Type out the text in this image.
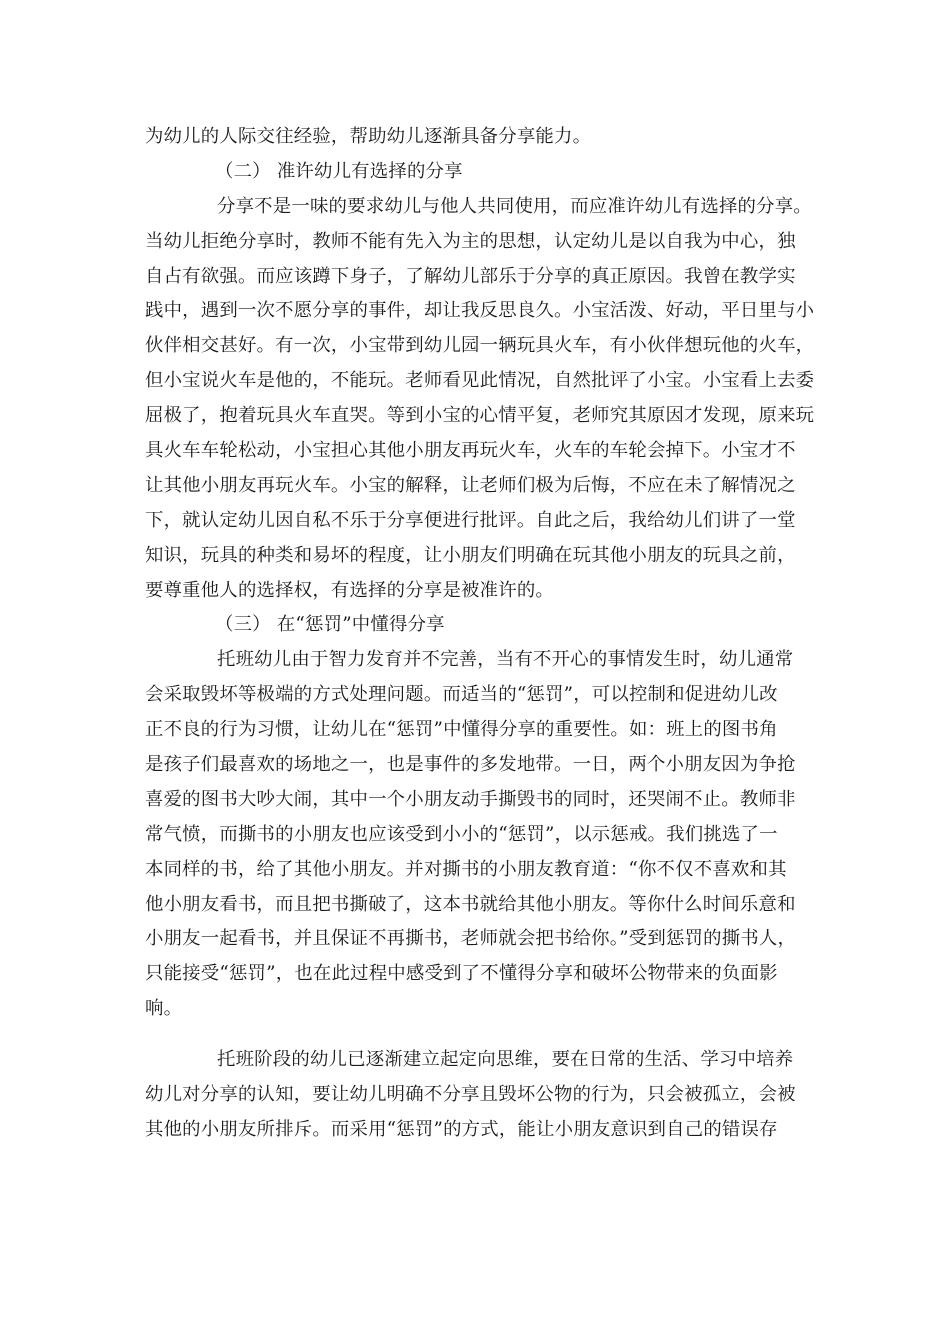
为幼儿的人际交往经验，帮助幼儿逐渐具备分享能力。
（二） 准许幼儿有选择的分享
分享不是一味的要求幼儿与他人共同使用，而应准许幼儿有选择的分享。
当幼儿拒绝分享时，教师不能有先入为主的思想，认定幼儿是以自我为中心，独
自占有欲强。而应该蹲下身子，了解幼儿部乐于分享的真正原因。我曾在教学实
践中，遇到一次不愿分享的事件，却让我反思良久。小宝活泼、好动，平日里与小
伙伴相交甚好。有一次，小宝带到幼儿园一辆玩具火车，有小伙伴想玩他的火车，
但小宝说火车是他的，不能玩。老师看见此情况，自然批评了小宝。小宝看上去委
屈极了，抱着玩具火车直哭。等到小宝的心情平复，老师究其原因才发现，原来玩
具火车车轮松动，小宝担心其他小朋友再玩火车，火车的车轮会掉下。小宝才不
让其他小朋友再玩火车。小宝的解释，让老师们极为后悔，不应在未了解情况之
下，就认定幼儿因自私不乐于分享便进行批评。自此之后，我给幼儿们讲了一堂
知识，玩具的种类和易坏的程度，让小朋友们明确在玩其他小朋友的玩具之前，
要尊重他人的选择权，有选择的分享是被准许的。
（三） 在“惩罚”中懂得分享
托班幼儿由于智力发育并不完善，当有不开心的事情发生时，幼儿通常
会采取毁坏等极端的方式处理问题。而适当的“惩罚”，可以控制和促进幼儿改
正不良的行为习惯，让幼儿在“惩罚”中懂得分享的重要性。如：班上的图书角
是孩子们最喜欢的场地之一，也是事件的多发地带。一日，两个小朋友因为争抢
喜爱的图书大吵大闹，其中一个小朋友动手撕毁书的同时，还哭闹不止。教师非
常气愤，而撕书的小朋友也应该受到小小的“惩罚”，以示惩戒。我们挑选了一
本同样的书，给了其他小朋友。并对撕书的小朋友教育道：“你不仅不喜欢和其
他小朋友看书，而且把书撕破了，这本书就给其他小朋友。等你什么时间乐意和
小朋友一起看书，并且保证不再撕书，老师就会把书给你。”受到惩罚的撕书人，
只能接受“惩罚”，也在此过程中感受到了不懂得分享和破坏公物带来的负面影
响。
托班阶段的幼儿已逐渐建立起定向思维，要在日常的生活、学习中培养
幼儿对分享的认知，要让幼儿明确不分享且毁坏公物的行为，只会被孤立，会被
其他的小朋友所排斥。而采用“惩罚”的方式，能让小朋友意识到自己的错误存
